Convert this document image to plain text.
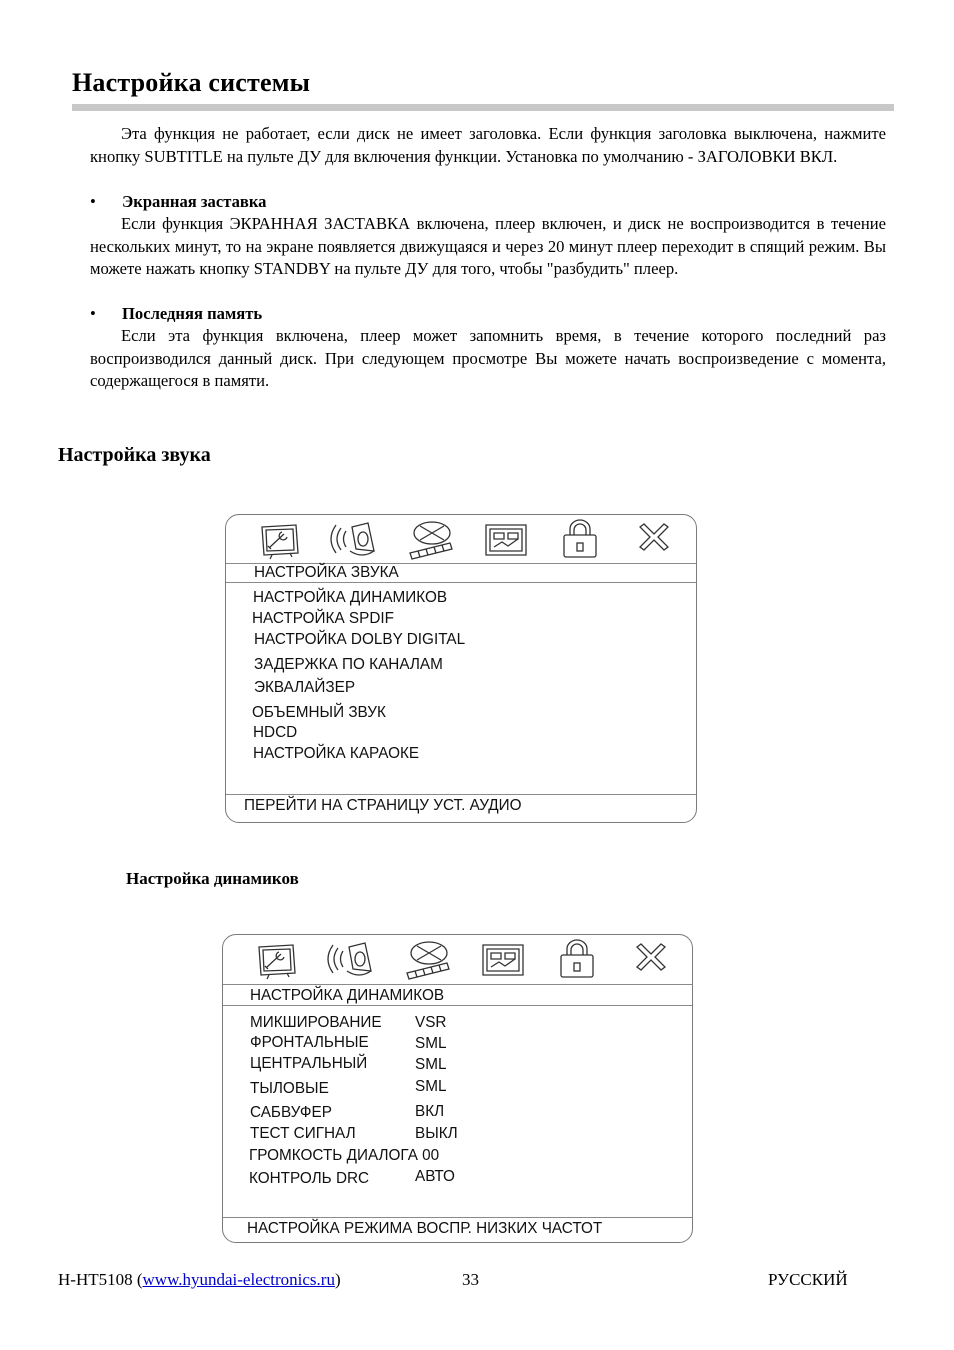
Настройка системы

Эта функция не работает, если диск не имеет заголовка. Если функция заголовка выключена, нажмите кнопку SUBTITLE на пульте ДУ для включения функции. Установка по умолчанию - ЗАГОЛОВКИ ВКЛ.

• Экранная заставка

Если функция ЭКРАННАЯ ЗАСТАВКА включена, плеер включен, и диск не воспроизводится в течение нескольких минут, то на экране появляется движущаяся и через 20 минут плеер переходит в спящий режим. Вы можете нажать кнопку STANDBY на пульте ДУ для того, чтобы "разбудить" плеер.

• Последняя память

Если эта функция включена, плеер может запомнить время, в течение которого последний раз воспроизводился данный диск. При следующем просмотре Вы можете начать воспроизведение с момента, содержащегося в памяти.

Настройка звука
НАСТРОЙКА ЗВУКА
НАСТРОЙКА ДИНАМИКОВ
НАСТРОЙКА SPDIF
НАСТРОЙКА DOLBY DIGITAL
ЗАДЕРЖКА ПО КАНАЛАМ
ЭКВАЛАЙЗЕР
ОБЪЕМНЫЙ ЗВУК
HDCD
НАСТРОЙКА КАРАОКЕ
ПЕРЕЙТИ НА СТРАНИЦУ УСТ. АУДИО
Настройка динамиков
НАСТРОЙКА ДИНАМИКОВ
МИКШИРОВАНИЕ VSR
ФРОНТАЛЬНЫЕ	SML
ЦЕНТРАЛЬНЫЙ	SML
ТЫЛОВЫЕ	SML
САБВУФЕР	ВКЛ
ТЕСТ СИГНАЛ	ВЫКЛ
ГРОМКОСТЬ ДИАЛОГА 00
КОНТРОЛЬ DRC	АВТО
НАСТРОЙКА РЕЖИМА ВОСПР. НИЗКИХ ЧАСТОТ
H-HT5108 (www.hyundai-electronics.ru)	33	РУССКИЙ
